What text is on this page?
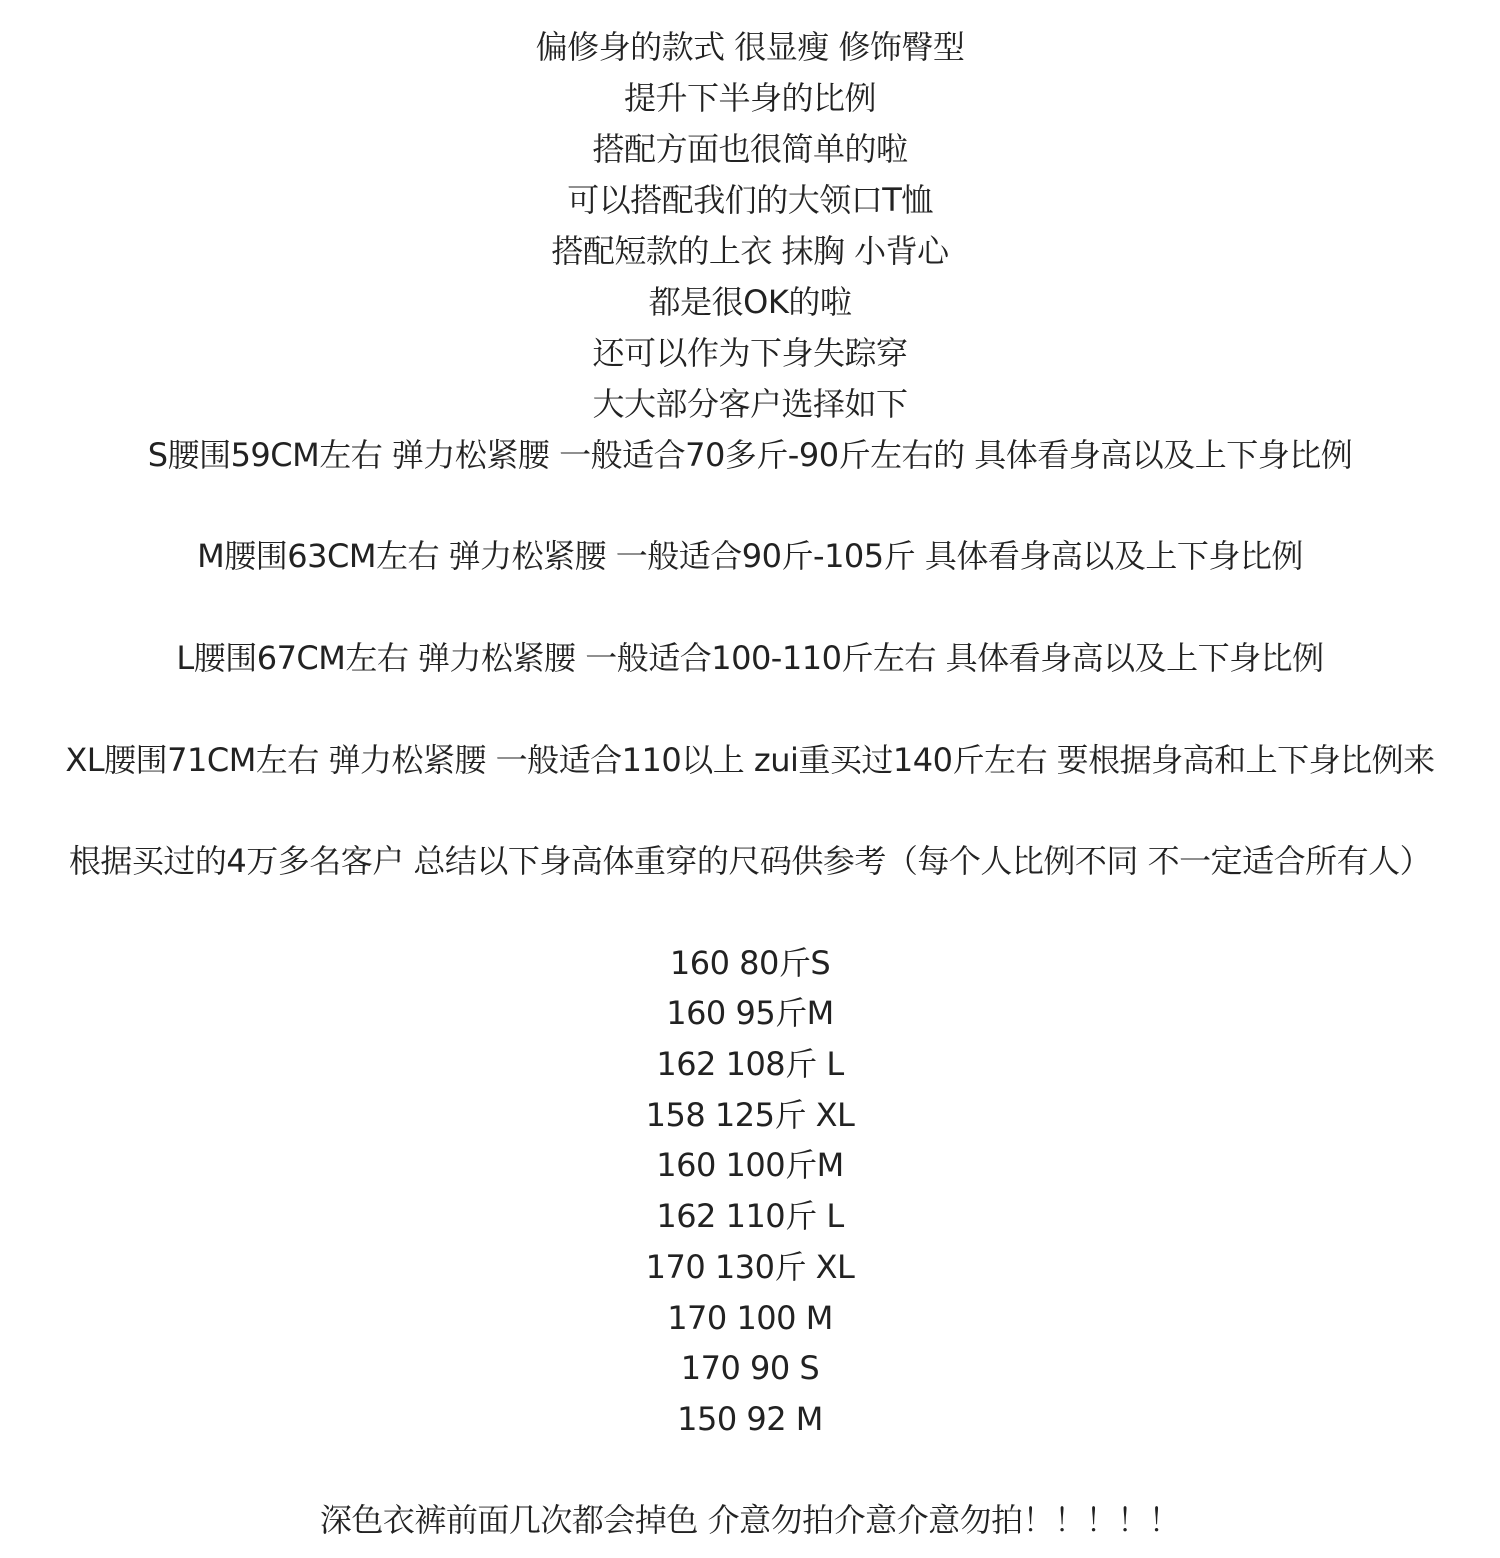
偏修身的款式 很显瘦 修饰臀型
提升下半身的比例
搭配方面也很简单的啦
可以搭配我们的大领口T恤
搭配短款的上衣 抹胸 小背心
都是很OK的啦
还可以作为下身失踪穿
大大部分客户选择如下
S腰围59CM左右 弹力松紧腰 一般适合70多斤-90斤左右的 具体看身高以及上下身比例
M腰围63CM左右 弹力松紧腰 一般适合90斤-105斤 具体看身高以及上下身比例
L腰围67CM左右 弹力松紧腰 一般适合100-110斤左右 具体看身高以及上下身比例
XL腰围71CM左右 弹力松紧腰 一般适合110以上 zui重买过140斤左右 要根据身高和上下身比例来
根据买过的4万多名客户 总结以下身高体重穿的尺码供参考（每个人比例不同 不一定适合所有人）
160 80斤S
160 95斤M
162 108斤 L
158 125斤 XL
160 100斤M
162 110斤 L
170 130斤 XL
170 100 M
170 90 S
150 92 M
深色衣裤前面几次都会掉色 介意勿拍介意介意勿拍！！！！！
